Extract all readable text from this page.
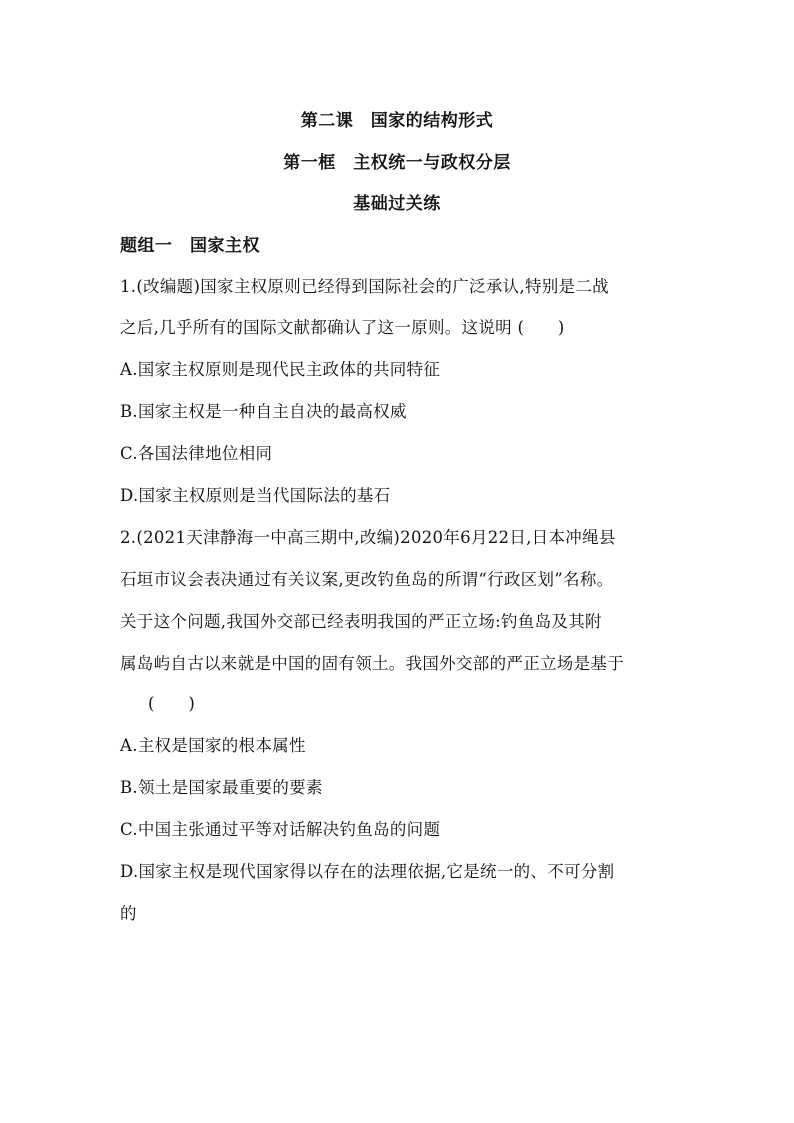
第二课　国家的结构形式
第一框　主权统一与政权分层
基础过关练
题组一　国家主权
1.(改编题)国家主权原则已经得到国际社会的广泛承认,特别是二战
之后,几乎所有的国际文献都确认了这一原则。这说明 (　　)
A.国家主权原则是现代民主政体的共同特征
B.国家主权是一种自主自决的最高权威
C.各国法律地位相同
D.国家主权原则是当代国际法的基石
2.(2021天津静海一中高三期中,改编)2020年6月22日,日本冲绳县
石垣市议会表决通过有关议案,更改钓鱼岛的所谓“行政区划”名称。
关于这个问题,我国外交部已经表明我国的严正立场:钓鱼岛及其附
属岛屿自古以来就是中国的固有领土。我国外交部的严正立场是基于
(　　)
A.主权是国家的根本属性
B.领土是国家最重要的要素
C.中国主张通过平等对话解决钓鱼岛的问题
D.国家主权是现代国家得以存在的法理依据,它是统一的、不可分割
的
